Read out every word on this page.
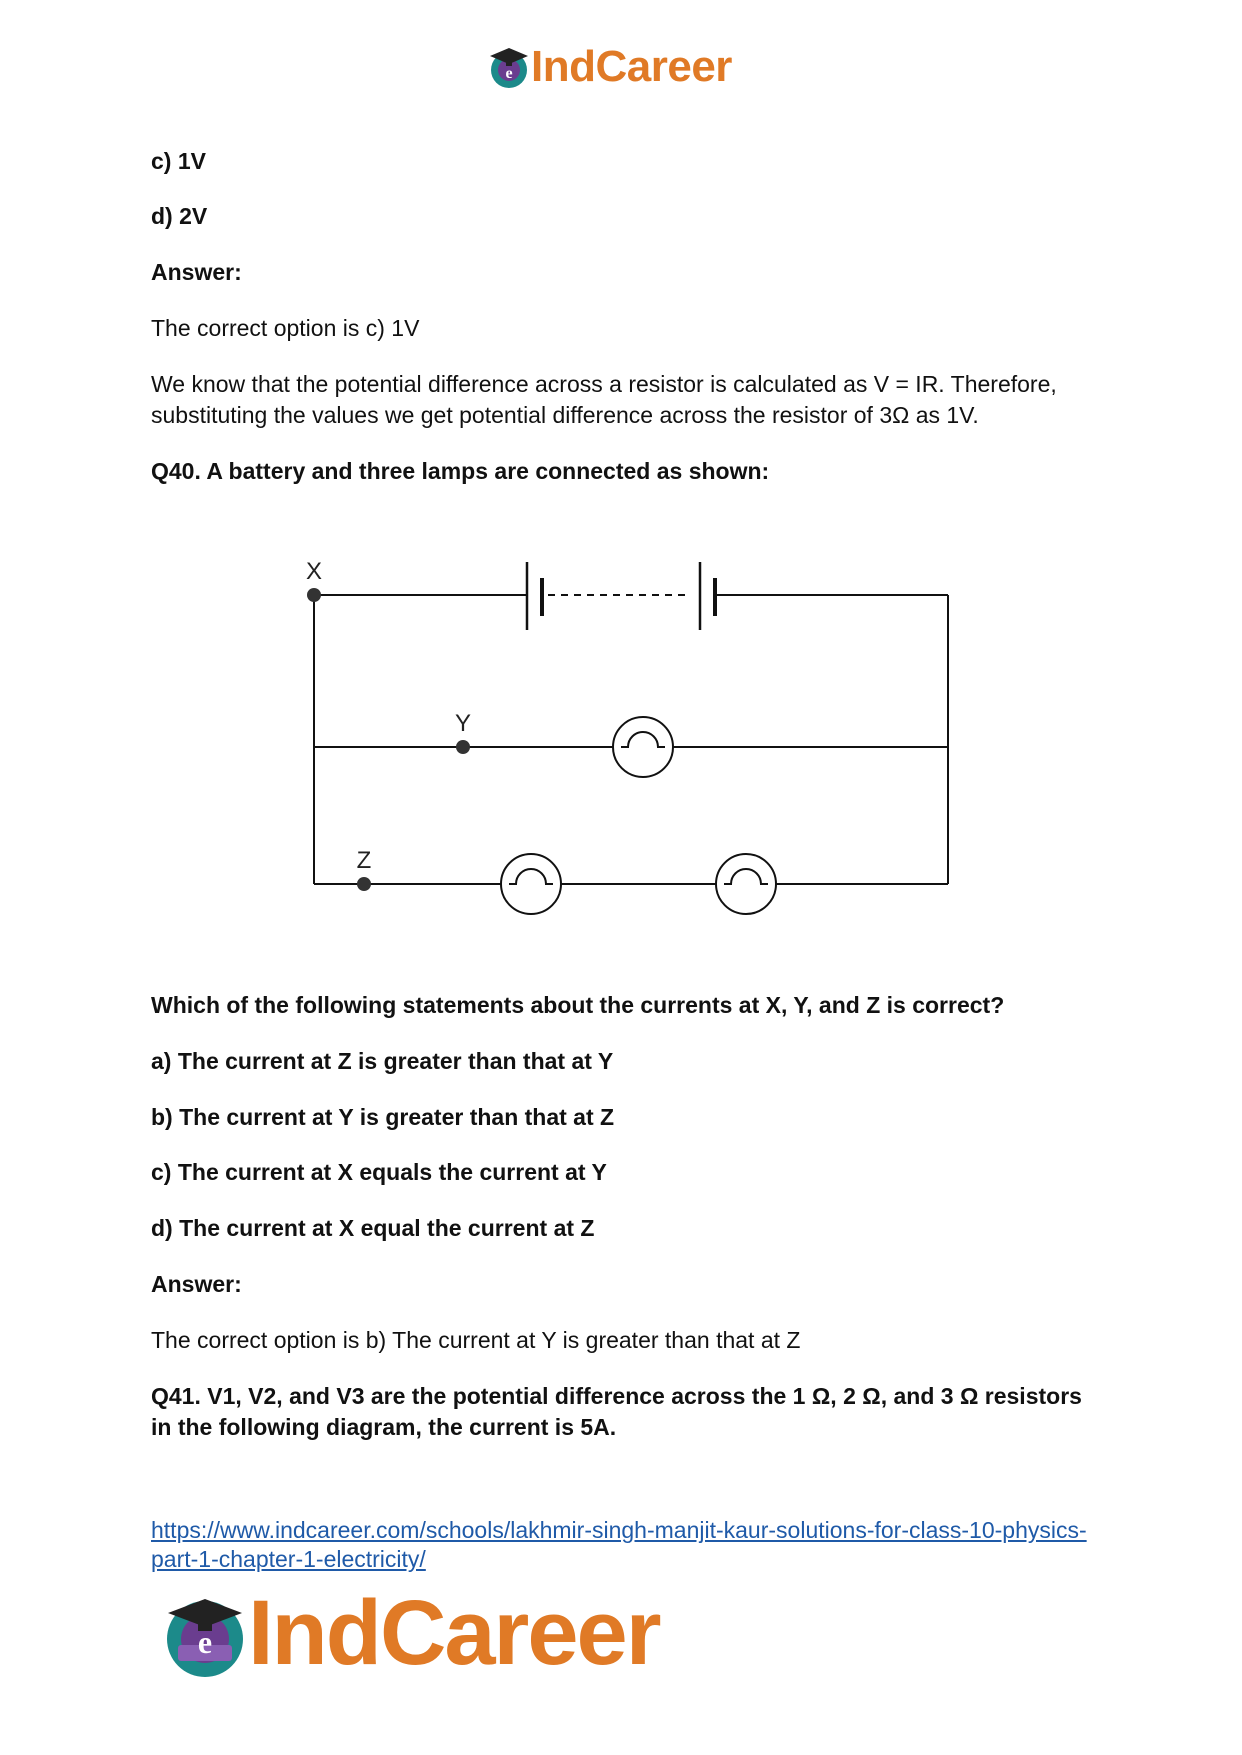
e IndCareer
c) 1V
d) 2V
Answer:
The correct option is c) 1V
We know that the potential difference across a resistor is calculated as V = IR. Therefore,
substituting the values we get potential difference across the resistor of 3Ω as 1V.
Q40. A battery and three lamps are connected as shown:
X
Y
Z
Which of the following statements about the currents at X, Y, and Z is correct?
a) The current at Z is greater than that at Y
b) The current at Y is greater than that at Z
c) The current at X equals the current at Y
d) The current at X equal the current at Z
Answer:
The correct option is b) The current at Y is greater than that at Z
Q41. V1, V2, and V3 are the potential difference across the 1 Ω, 2 Ω, and 3 Ω resistors
in the following diagram, the current is 5A.
https://www.indcareer.com/schools/lakhmir-singh-manjit-kaur-solutions-for-class-10-physics-
part-1-chapter-1-electricity/
e IndCareer
